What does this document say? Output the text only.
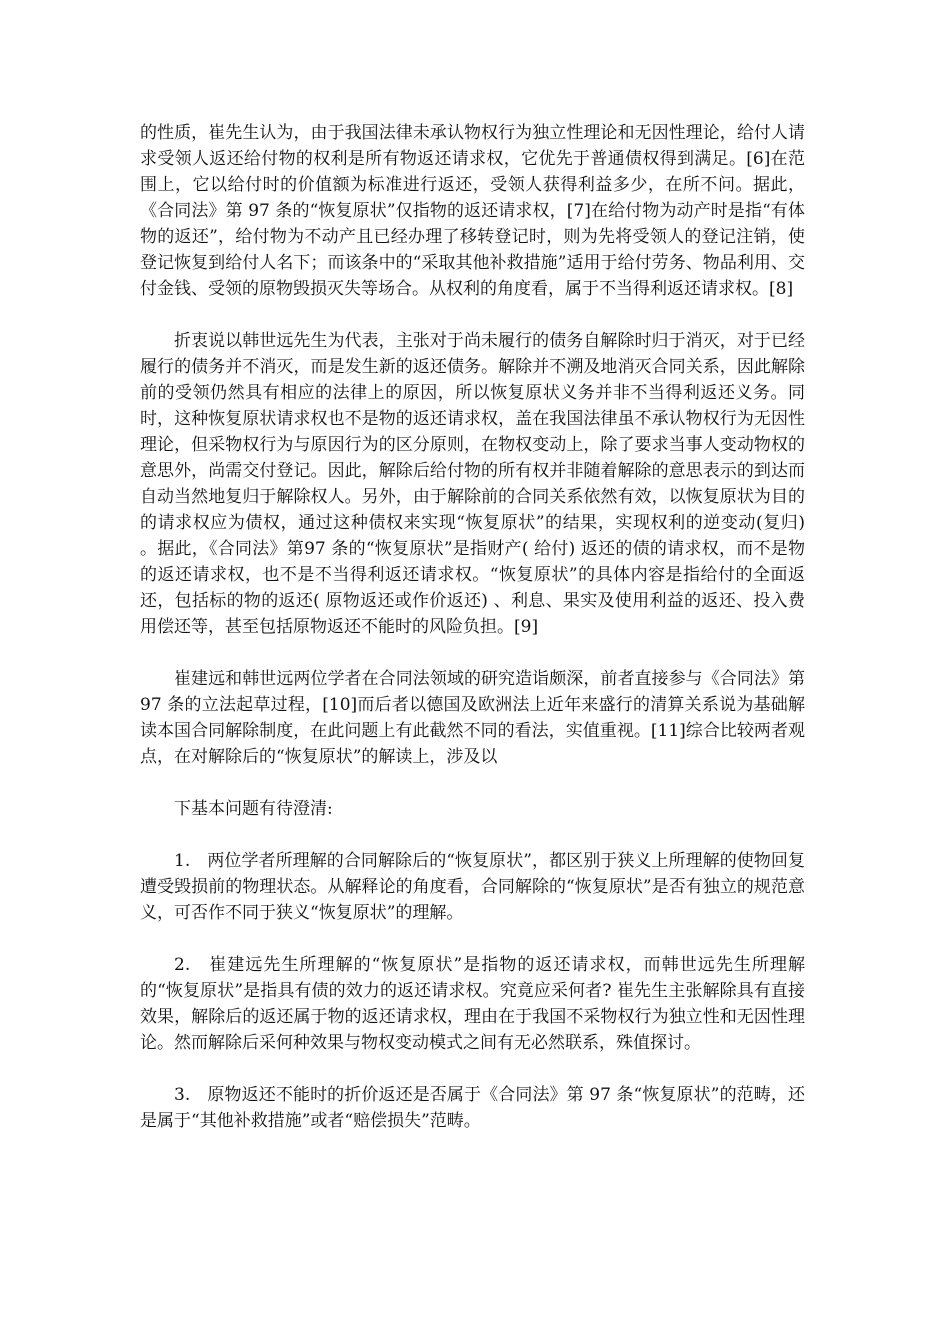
的性质，崔先生认为，由于我国法律未承认物权行为独立性理论和无因性理论，给付人请求受领人返还给付物的权利是所有物返还请求权，它优先于普通债权得到满足。[6]在范围上，它以给付时的价值额为标准进行返还，受领人获得利益多少，在所不问。据此，《合同法》第 97 条的“恢复原状”仅指物的返还请求权，[7]在给付物为动产时是指“有体物的返还”，给付物为不动产且已经办理了移转登记时，则为先将受领人的登记注销，使登记恢复到给付人名下；而该条中的“采取其他补救措施”适用于给付劳务、物品利用、交付金钱、受领的原物毁损灭失等场合。从权利的角度看，属于不当得利返还请求权。[8]

折衷说以韩世远先生为代表，主张对于尚未履行的债务自解除时归于消灭，对于已经履行的债务并不消灭，而是发生新的返还债务。解除并不溯及地消灭合同关系，因此解除前的受领仍然具有相应的法律上的原因，所以恢复原状义务并非不当得利返还义务。同时，这种恢复原状请求权也不是物的返还请求权，盖在我国法律虽不承认物权行为无因性理论，但采物权行为与原因行为的区分原则，在物权变动上，除了要求当事人变动物权的意思外，尚需交付登记。因此，解除后给付物的所有权并非随着解除的意思表示的到达而自动当然地复归于解除权人。另外，由于解除前的合同关系依然有效，以恢复原状为目的的请求权应为债权，通过这种债权来实现“恢复原状”的结果，实现权利的逆变动(复归) 。据此，《合同法》第97 条的“恢复原状”是指财产( 给付) 返还的债的请求权，而不是物的返还请求权，也不是不当得利返还请求权。“恢复原状”的具体内容是指给付的全面返还，包括标的物的返还( 原物返还或作价返还) 、利息、果实及使用利益的返还、投入费用偿还等，甚至包括原物返还不能时的风险负担。[9]

崔建远和韩世远两位学者在合同法领域的研究造诣颇深，前者直接参与《合同法》第 97 条的立法起草过程，[10]而后者以德国及欧洲法上近年来盛行的清算关系说为基础解读本国合同解除制度，在此问题上有此截然不同的看法，实值重视。[11]综合比较两者观点，在对解除后的“恢复原状”的解读上，涉及以

下基本问题有待澄清:

1.　两位学者所理解的合同解除后的“恢复原状”，都区别于狭义上所理解的使物回复遭受毁损前的物理状态。从解释论的角度看，合同解除的“恢复原状”是否有独立的规范意义，可否作不同于狭义“恢复原状”的理解。

2.　崔建远先生所理解的“恢复原状”是指物的返还请求权，而韩世远先生所理解的“恢复原状”是指具有债的效力的返还请求权。究竟应采何者? 崔先生主张解除具有直接效果，解除后的返还属于物的返还请求权，理由在于我国不采物权行为独立性和无因性理论。然而解除后采何种效果与物权变动模式之间有无必然联系，殊值探讨。

3.　原物返还不能时的折价返还是否属于《合同法》第 97 条“恢复原状”的范畴，还是属于“其他补救措施”或者“赔偿损失”范畴。
